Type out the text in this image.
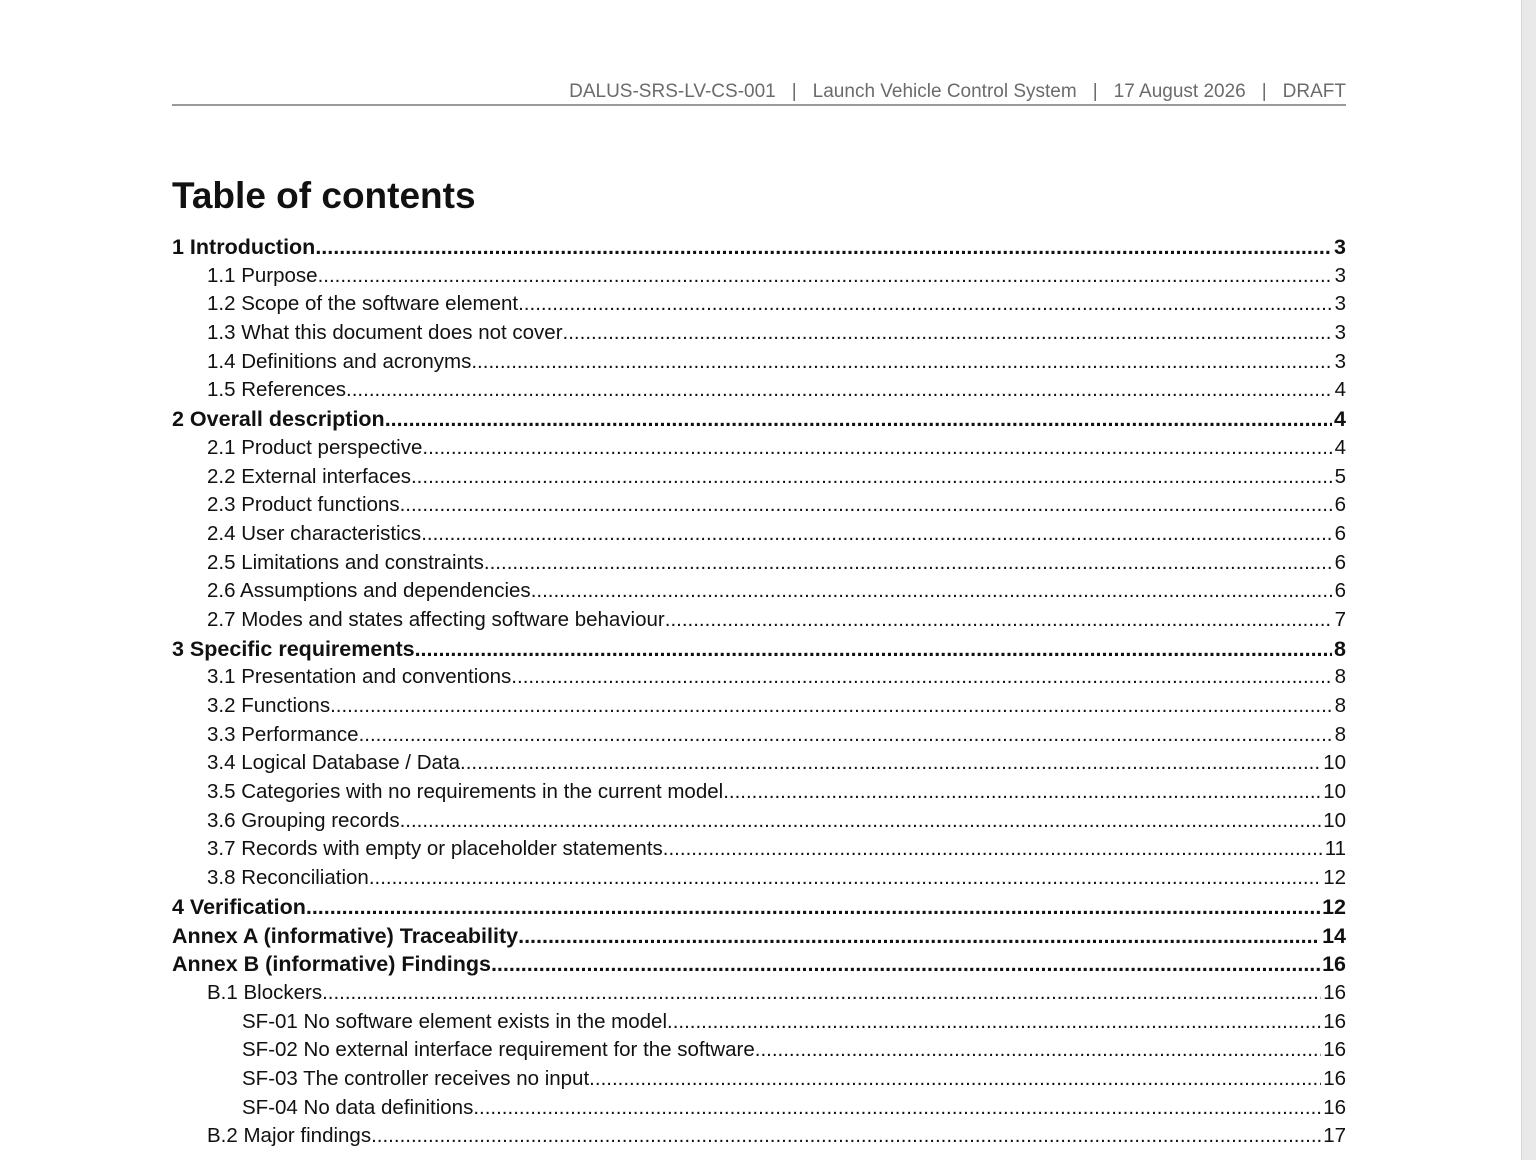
DALUS-SRS-LV-CS-001 | Launch Vehicle Control System | 17 August 2026 | DRAFT
Table of contents
1 Introduction .....	3
1.1 Purpose .....	3
1.2 Scope of the software element .....	3
1.3 What this document does not cover .....	3
1.4 Definitions and acronyms .....	3
1.5 References .....	4
2 Overall description .....	4
2.1 Product perspective .....	4
2.2 External interfaces .....	5
2.3 Product functions .....	6
2.4 User characteristics .....	6
2.5 Limitations and constraints .....	6
2.6 Assumptions and dependencies .....	6
2.7 Modes and states affecting software behaviour .....	7
3 Specific requirements .....	8
3.1 Presentation and conventions .....	8
3.2 Functions .....	8
3.3 Performance .....	8
3.4 Logical Database / Data .....	10
3.5 Categories with no requirements in the current model .....	10
3.6 Grouping records .....	10
3.7 Records with empty or placeholder statements .....	11
3.8 Reconciliation .....	12
4 Verification .....	12
Annex A (informative) Traceability .....	14
Annex B (informative) Findings .....	16
B.1 Blockers .....	16
SF-01 No software element exists in the model .....	16
SF-02 No external interface requirement for the software .....	16
SF-03 The controller receives no input .....	16
SF-04 No data definitions .....	16
B.2 Major findings .....	17
